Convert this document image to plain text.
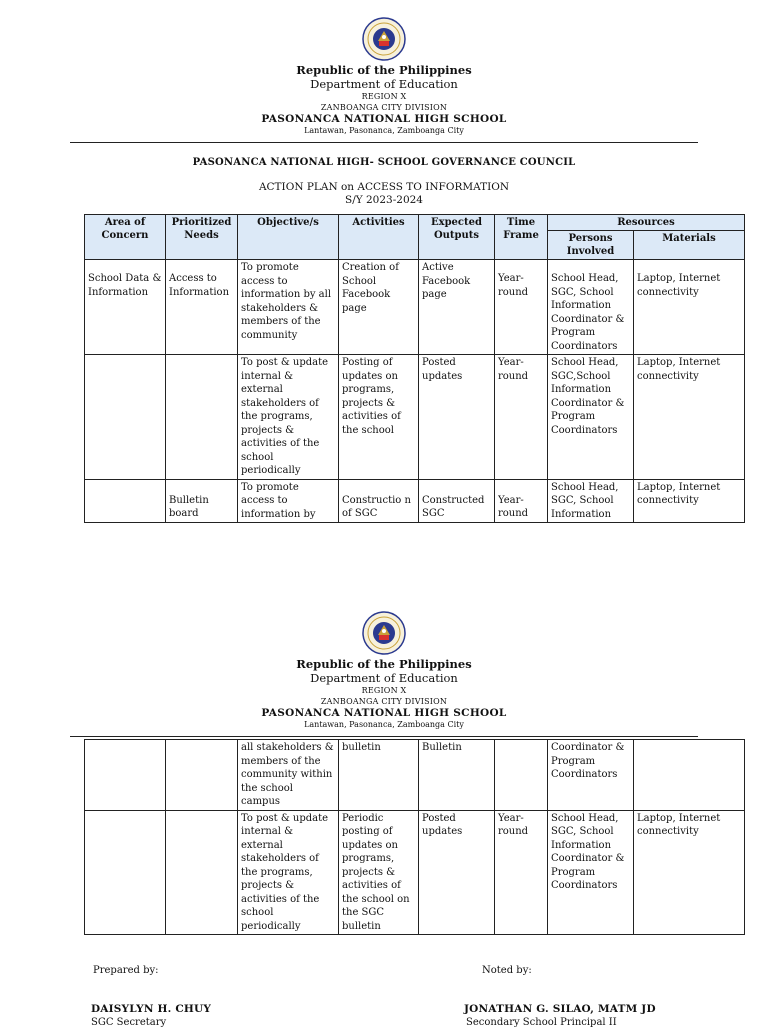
Republic of the Philippines
Department of Education
REGION X
ZANBOANGA CITY DIVISION
PASONANCA NATIONAL HIGH SCHOOL
Lantawan, Pasonanca, Zamboanga City
PASONANCA NATIONAL HIGH- SCHOOL GOVERNANCE COUNCIL
ACTION PLAN on ACCESS TO INFORMATION
S/Y 2023-2024
Area of Concern	Prioritized Needs	Objective/s	Activities	Expected Outputs	Time Frame	Resources	
						Persons Involved	Materials
School Data & Information	Access to Information	To promote access to information by all stakeholders & members of the community	Creation of School Facebook page	Active Facebook page	Year-round	School Head, SGC, School Information Coordinator & Program Coordinators	Laptop, Internet connectivity
		To post & update internal & external stakeholders of the programs, projects & activities of the school periodically	Posting of updates on programs, projects & activities of the school	Posted updates	Year-round	School Head, SGC,School Information Coordinator & Program Coordinators	Laptop, Internet connectivity

	Bulletin board	To promote access to information by	Constructio n of SGC	Constructed SGC	Year-round	School Head, SGC, School Information	Laptop, Internet connectivity
Republic of the Philippines
Department of Education
REGION X
ZANBOANGA CITY DIVISION
PASONANCA NATIONAL HIGH SCHOOL
Lantawan, Pasonanca, Zamboanga City
		all stakeholders & members of the community within the school campus	bulletin	Bulletin		Coordinator & Program Coordinators	
		To post & update internal & external stakeholders of the programs, projects & activities of the school periodically	Periodic posting of updates on programs, projects & activities of the school on the SGC bulletin	Posted updates	Year-round	School Head, SGC, School Information Coordinator & Program Coordinators	Laptop, Internet connectivity
Prepared by:	Noted by:
DAISYLYN H. CHUY	JONATHAN G. SILAO, MATM JD
SGC Secretary	Secondary School Principal II
